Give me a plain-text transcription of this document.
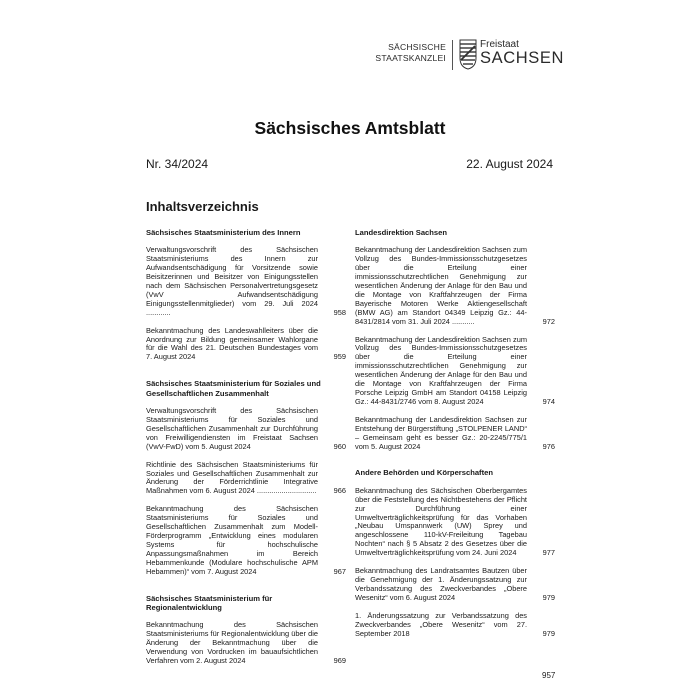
SÄCHSISCHE
STAATSKANZLEI
Freistaat
SACHSEN
Sächsisches Amtsblatt
Nr. 34/2024	22. August 2024
Inhaltsverzeichnis
Sächsisches Staatsministerium des Innern
Verwaltungsvorschrift des Sächsischen Staatsministeriums des Innern zur Aufwandsentschädigung für Vorsitzende sowie Beisitzerinnen und Beisitzer von Einigungsstellen nach dem Sächsischen Personalvertretungsgesetz (VwV Aufwandsentschädigung Einigungsstellenmitglieder) vom 29. Juli 2024 ............	958
Bekanntmachung des Landeswahlleiters über die Anordnung zur Bildung gemeinsamer Wahlorgane für die Wahl des 21. Deutschen Bundestages vom 7. August 2024	959
Sächsisches Staatsministerium für Soziales und Gesellschaftlichen Zusammenhalt
Verwaltungsvorschrift des Sächsischen Staatsministeriums für Soziales und Gesellschaftlichen Zusammenhalt zur Durchführung von Freiwilligendiensten im Freistaat Sachsen (VwV-FwD) vom 5. August 2024	960
Richtlinie des Sächsischen Staatsministeriums für Soziales und Gesellschaftlichen Zusammenhalt zur Änderung der Förderrichtlinie Integrative Maßnahmen vom 6. August 2024 .............................	966
Bekanntmachung des Sächsischen Staatsministeriums für Soziales und Gesellschaftlichen Zusammenhalt zum Modell-Förderprogramm „Entwicklung eines modularen Systems für hochschulische Anpassungsmaßnahmen im Bereich Hebammenkunde (Modulare hochschulische APM Hebammen)“ vom 7. August 2024	967
Sächsisches Staatsministerium für Regionalentwicklung
Bekanntmachung des Sächsischen Staatsministeriums für Regionalentwicklung über die Änderung der Bekanntmachung über die Verwendung von Vordrucken im bauaufsichtlichen Verfahren vom 2. August 2024	969
Landesdirektion Sachsen
Bekanntmachung der Landesdirektion Sachsen zum Vollzug des Bundes-Immissionsschutzgesetzes über die Erteilung einer immissionsschutzrechtlichen Genehmigung zur wesentlichen Änderung der Anlage für den Bau und die Montage von Kraftfahrzeugen der Firma Bayerische Motoren Werke Aktiengesellschaft (BMW AG) am Standort 04349 Leipzig Gz.: 44-8431/2814 vom 31. Juli 2024 ...........	972
Bekanntmachung der Landesdirektion Sachsen zum Vollzug des Bundes-Immissionsschutzgesetzes über die Erteilung einer immissionsschutzrechtlichen Genehmigung zur wesentlichen Änderung der Anlage für den Bau und die Montage von Kraftfahrzeugen der Firma Porsche Leipzig GmbH am Standort 04158 Leipzig Gz.: 44-8431/2746 vom 8. August 2024	974
Bekanntmachung der Landesdirektion Sachsen zur Entstehung der Bürgerstiftung „STOLPENER LAND“ – Gemeinsam geht es besser Gz.: 20-2245/775/1 vom 5. August 2024	976
Andere Behörden und Körperschaften
Bekanntmachung des Sächsischen Oberbergamtes über die Feststellung des Nichtbestehens der Pflicht zur Durchführung einer Umweltverträglichkeitsprüfung für das Vorhaben „Neubau Umspannwerk (UW) Sprey und angeschlossene 110-kV-Freileitung Tagebau Nochten“ nach § 5 Absatz 2 des Gesetzes über die Umweltverträglichkeitsprüfung vom 24. Juni 2024	977
Bekanntmachung des Landratsamtes Bautzen über die Genehmigung der 1. Änderungssatzung zur Verbandssatzung des Zweckverbandes „Obere Wesenitz“ vom 6. August 2024	979
1. Änderungssatzung zur Verbandssatzung des Zweckverbandes „Obere Wesenitz“ vom 27. September 2018	979
957
